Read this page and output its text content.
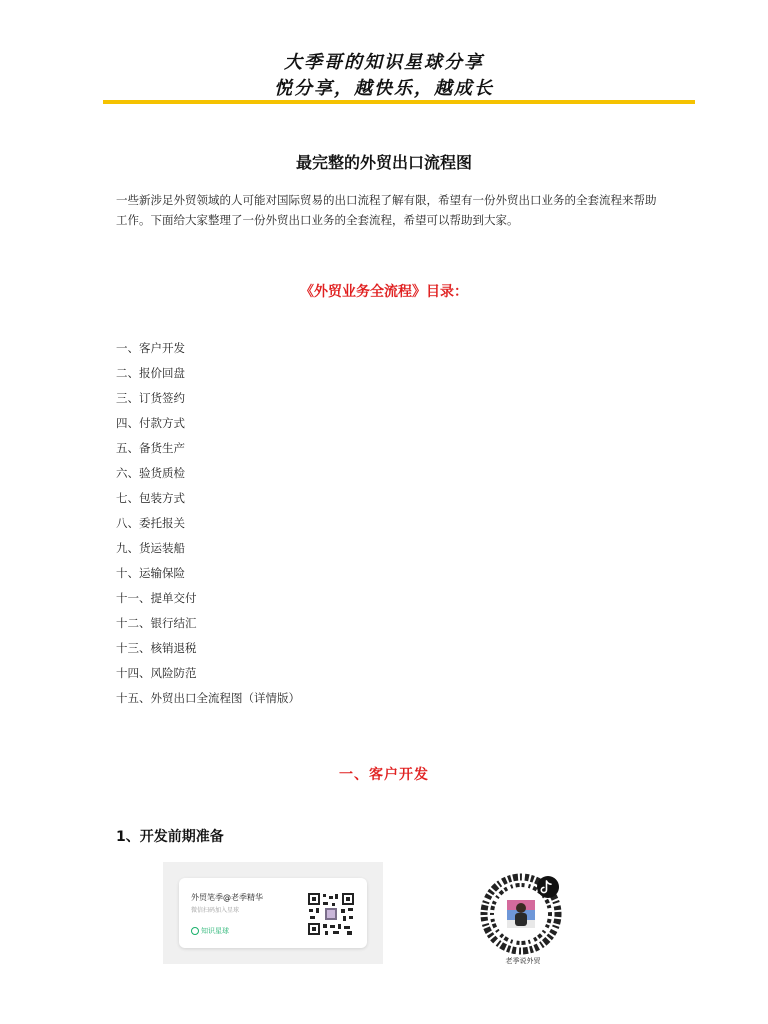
大季哥的知识星球分享
悦分享，越快乐，越成长
最完整的外贸出口流程图
一些新涉足外贸领域的人可能对国际贸易的出口流程了解有限，希望有一份外贸出口业务的全套流程来帮助工作。下面给大家整理了一份外贸出口业务的全套流程，希望可以帮助到大家。
《外贸业务全流程》目录：
一、客户开发
二、报价回盘
三、订货签约
四、付款方式
五、备货生产
六、验货质检
七、包装方式
八、委托报关
九、货运装船
十、运输保险
十一、提单交付
十二、银行结汇
十三、核销退税
十四、风险防范
十五、外贸出口全流程图（详情版）
一、客户开发
1、开发前期准备
外贸笔季@老季精华
微信扫码加入星球
知识星球
老季说外贸
